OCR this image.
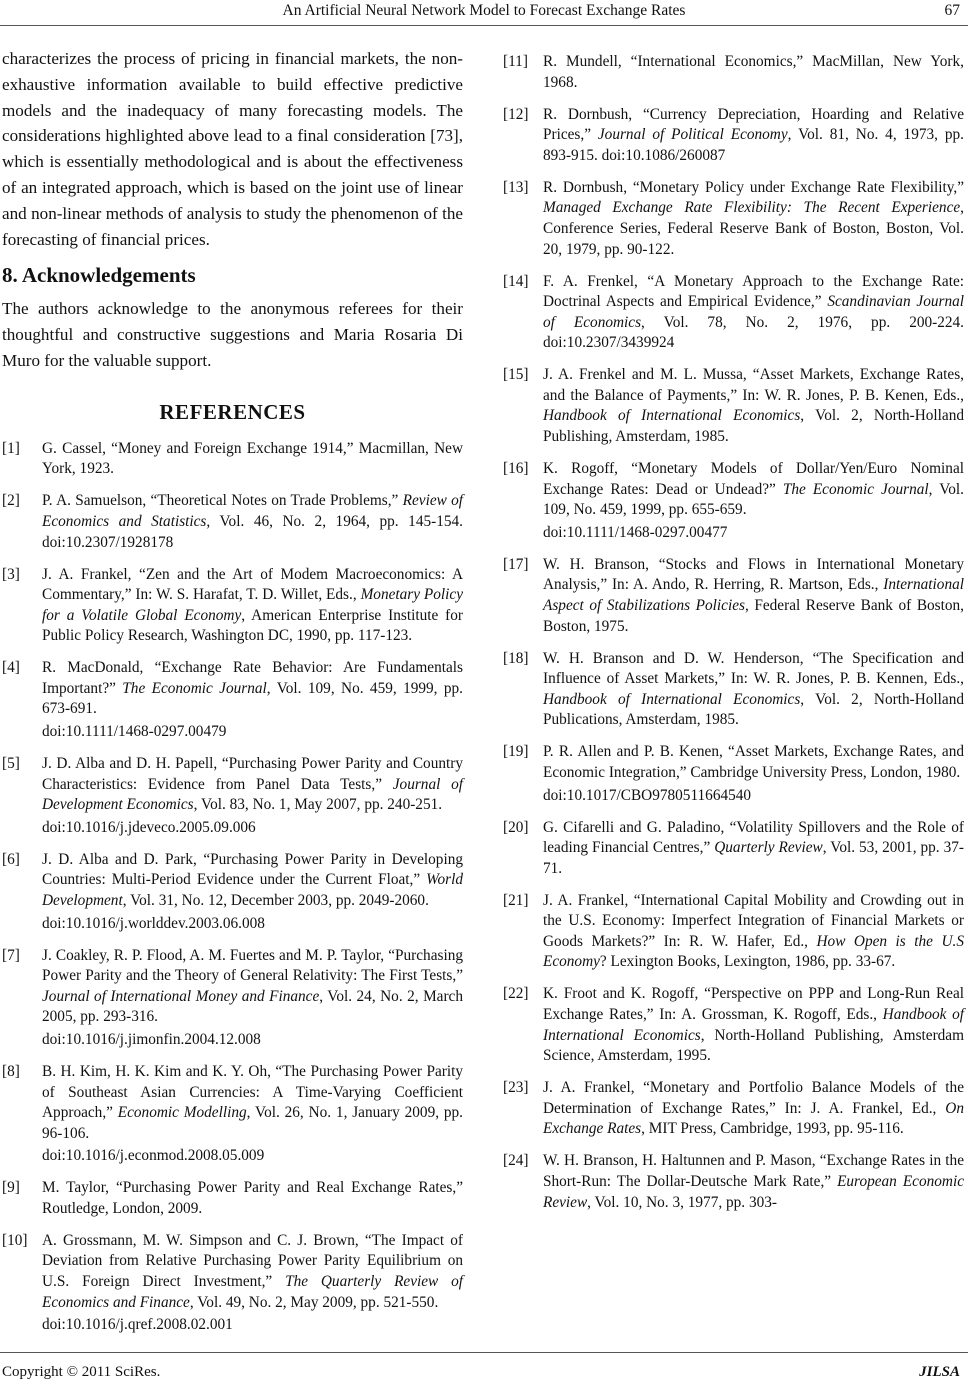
An Artificial Neural Network Model to Forecast Exchange Rates	67

characterizes the process of pricing in financial markets, the non-exhaustive information available to build effective predictive models and the inadequacy of many forecasting models. The considerations highlighted above lead to a final consideration [73], which is essentially methodological and is about the effectiveness of an integrated approach, which is based on the joint use of linear and non-linear methods of analysis to study the phenomenon of the forecasting of financial prices.

8. Acknowledgements

The authors acknowledge to the anonymous referees for their thoughtful and constructive suggestions and Maria Rosaria Di Muro for the valuable support.

REFERENCES
[1] G. Cassel, “Money and Foreign Exchange 1914,” Macmillan, New York, 1923.
[2] P. A. Samuelson, “Theoretical Notes on Trade Problems,” Review of Economics and Statistics, Vol. 46, No. 2, 1964, pp. 145-154. doi:10.2307/1928178
[3] J. A. Frankel, “Zen and the Art of Modem Macroeconomics: A Commentary,” In: W. S. Harafat, T. D. Willet, Eds., Monetary Policy for a Volatile Global Economy, American Enterprise Institute for Public Policy Research, Washington DC, 1990, pp. 117-123.
[4] R. MacDonald, “Exchange Rate Behavior: Are Fundamentals Important?” The Economic Journal, Vol. 109, No. 459, 1999, pp. 673-691.
doi:10.1111/1468-0297.00479
[5] J. D. Alba and D. H. Papell, “Purchasing Power Parity and Country Characteristics: Evidence from Panel Data Tests,” Journal of Development Economics, Vol. 83, No. 1, May 2007, pp. 240-251.
doi:10.1016/j.jdeveco.2005.09.006
[6] J. D. Alba and D. Park, “Purchasing Power Parity in Developing Countries: Multi-Period Evidence under the Current Float,” World Development, Vol. 31, No. 12, December 2003, pp. 2049-2060.
doi:10.1016/j.worlddev.2003.06.008
[7] J. Coakley, R. P. Flood, A. M. Fuertes and M. P. Taylor, “Purchasing Power Parity and the Theory of General Relativity: The First Tests,” Journal of International Money and Finance, Vol. 24, No. 2, March 2005, pp. 293-316.
doi:10.1016/j.jimonfin.2004.12.008
[8] B. H. Kim, H. K. Kim and K. Y. Oh, “The Purchasing Power Parity of Southeast Asian Currencies: A Time-Varying Coefficient Approach,” Economic Modelling, Vol. 26, No. 1, January 2009, pp. 96-106.
doi:10.1016/j.econmod.2008.05.009
[9] M. Taylor, “Purchasing Power Parity and Real Exchange Rates,” Routledge, London, 2009.
[10] A. Grossmann, M. W. Simpson and C. J. Brown, “The Impact of Deviation from Relative Purchasing Power Parity Equilibrium on U.S. Foreign Direct Investment,” The Quarterly Review of Economics and Finance, Vol. 49, No. 2, May 2009, pp. 521-550.
doi:10.1016/j.qref.2008.02.001
[11] R. Mundell, “International Economics,” MacMillan, New York, 1968.
[12] R. Dornbush, “Currency Depreciation, Hoarding and Relative Prices,” Journal of Political Economy, Vol. 81, No. 4, 1973, pp. 893-915. doi:10.1086/260087
[13] R. Dornbush, “Monetary Policy under Exchange Rate Flexibility,” Managed Exchange Rate Flexibility: The Recent Experience, Conference Series, Federal Reserve Bank of Boston, Boston, Vol. 20, 1979, pp. 90-122.
[14] F. A. Frenkel, “A Monetary Approach to the Exchange Rate: Doctrinal Aspects and Empirical Evidence,” Scandinavian Journal of Economics, Vol. 78, No. 2, 1976, pp. 200-224. doi:10.2307/3439924
[15] J. A. Frenkel and M. L. Mussa, “Asset Markets, Exchange Rates, and the Balance of Payments,” In: W. R. Jones, P. B. Kenen, Eds., Handbook of International Economics, Vol. 2, North-Holland Publishing, Amsterdam, 1985.
[16] K. Rogoff, “Monetary Models of Dollar/Yen/Euro Nominal Exchange Rates: Dead or Undead?” The Economic Journal, Vol. 109, No. 459, 1999, pp. 655-659.
doi:10.1111/1468-0297.00477
[17] W. H. Branson, “Stocks and Flows in International Monetary Analysis,” In: A. Ando, R. Herring, R. Martson, Eds., International Aspect of Stabilizations Policies, Federal Reserve Bank of Boston, Boston, 1975.
[18] W. H. Branson and D. W. Henderson, “The Specification and Influence of Asset Markets,” In: W. R. Jones, P. B. Kennen, Eds., Handbook of International Economics, Vol. 2, North-Holland Publications, Amsterdam, 1985.
[19] P. R. Allen and P. B. Kenen, “Asset Markets, Exchange Rates, and Economic Integration,” Cambridge University Press, London, 1980.
doi:10.1017/CBO9780511664540
[20] G. Cifarelli and G. Paladino, “Volatility Spillovers and the Role of leading Financial Centres,” Quarterly Review, Vol. 53, 2001, pp. 37-71.
[21] J. A. Frankel, “International Capital Mobility and Crowding out in the U.S. Economy: Imperfect Integration of Financial Markets or Goods Markets?” In: R. W. Hafer, Ed., How Open is the U.S Economy? Lexington Books, Lexington, 1986, pp. 33-67.
[22] K. Froot and K. Rogoff, “Perspective on PPP and Long-Run Real Exchange Rates,” In: A. Grossman, K. Rogoff, Eds., Handbook of International Economics, North-Holland Publishing, Amsterdam Science, Amsterdam, 1995.
[23] J. A. Frankel, “Monetary and Portfolio Balance Models of the Determination of Exchange Rates,” In: J. A. Frankel, Ed., On Exchange Rates, MIT Press, Cambridge, 1993, pp. 95-116.
[24] W. H. Branson, H. Haltunnen and P. Mason, “Exchange Rates in the Short-Run: The Dollar-Deutsche Mark Rate,” European Economic Review, Vol. 10, No. 3, 1977, pp. 303-
Copyright © 2011 SciRes.	JILSA
